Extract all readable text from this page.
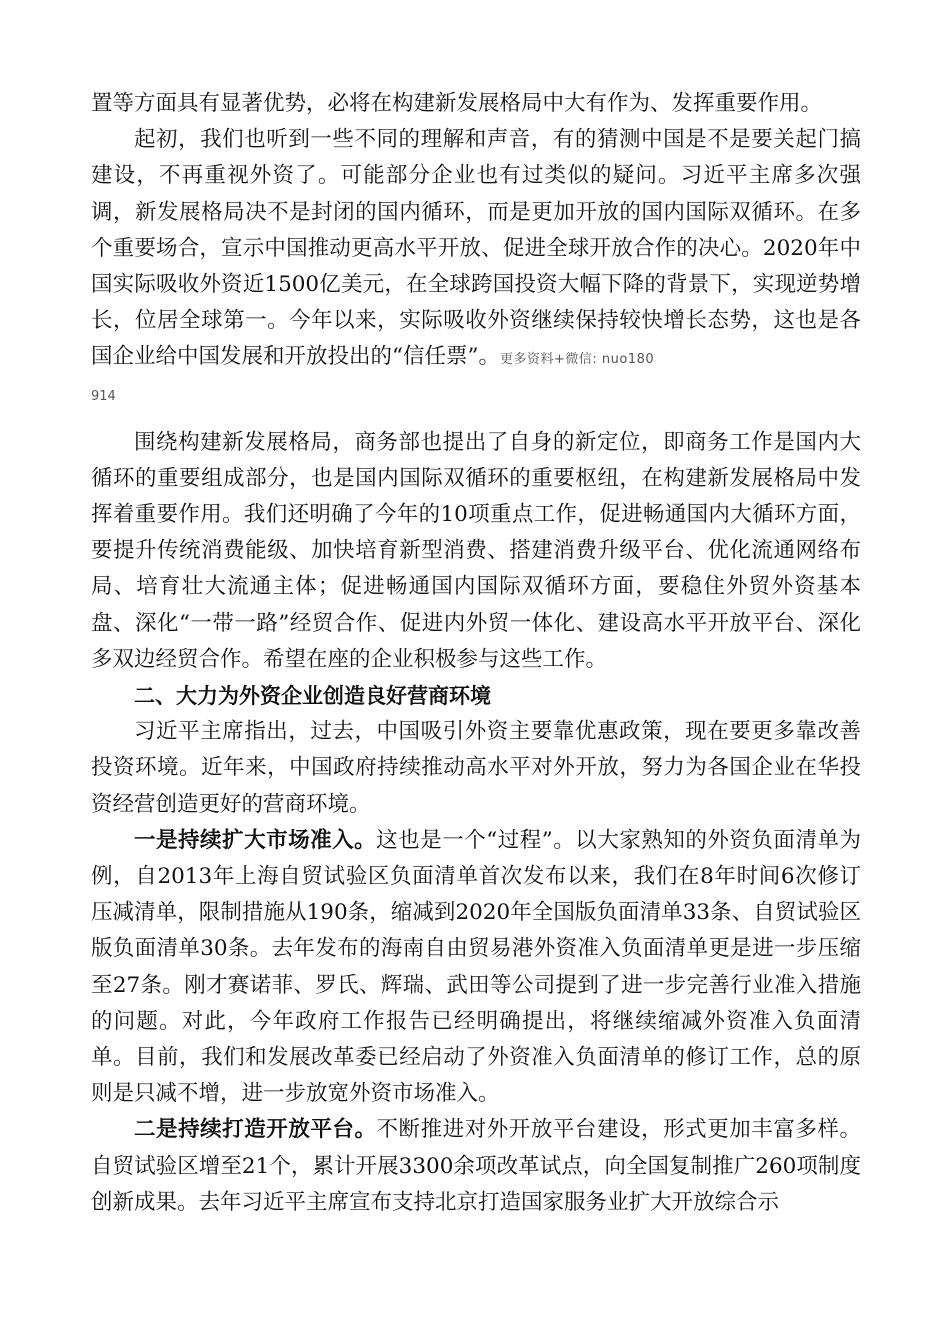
置等方面具有显著优势，必将在构建新发展格局中大有作为、发挥重要作用。

起初，我们也听到一些不同的理解和声音，有的猜测中国是不是要关起门搞建设，不再重视外资了。可能部分企业也有过类似的疑问。习近平主席多次强调，新发展格局决不是封闭的国内循环，而是更加开放的国内国际双循环。在多个重要场合，宣示中国推动更高水平开放、促进全球开放合作的决心。2020年中国实际吸收外资近1500亿美元，在全球跨国投资大幅下降的背景下，实现逆势增长，位居全球第一。今年以来，实际吸收外资继续保持较快增长态势，这也是各国企业给中国发展和开放投出的“信任票”。更多资料+微信: nuo180

914

围绕构建新发展格局，商务部也提出了自身的新定位，即商务工作是国内大循环的重要组成部分，也是国内国际双循环的重要枢纽，在构建新发展格局中发挥着重要作用。我们还明确了今年的10项重点工作，促进畅通国内大循环方面，要提升传统消费能级、加快培育新型消费、搭建消费升级平台、优化流通网络布局、培育壮大流通主体；促进畅通国内国际双循环方面，要稳住外贸外资基本盘、深化“一带一路”经贸合作、促进内外贸一体化、建设高水平开放平台、深化多双边经贸合作。希望在座的企业积极参与这些工作。

二、大力为外资企业创造良好营商环境

习近平主席指出，过去，中国吸引外资主要靠优惠政策，现在要更多靠改善投资环境。近年来，中国政府持续推动高水平对外开放，努力为各国企业在华投资经营创造更好的营商环境。

一是持续扩大市场准入。这也是一个“过程”。以大家熟知的外资负面清单为例，自2013年上海自贸试验区负面清单首次发布以来，我们在8年时间6次修订压减清单，限制措施从190条，缩减到2020年全国版负面清单33条、自贸试验区版负面清单30条。去年发布的海南自由贸易港外资准入负面清单更是进一步压缩至27条。刚才赛诺菲、罗氏、辉瑞、武田等公司提到了进一步完善行业准入措施的问题。对此，今年政府工作报告已经明确提出，将继续缩减外资准入负面清单。目前，我们和发展改革委已经启动了外资准入负面清单的修订工作，总的原则是只减不增，进一步放宽外资市场准入。

二是持续打造开放平台。不断推进对外开放平台建设，形式更加丰富多样。自贸试验区增至21个，累计开展3300余项改革试点，向全国复制推广260项制度创新成果。去年习近平主席宣布支持北京打造国家服务业扩大开放综合示
